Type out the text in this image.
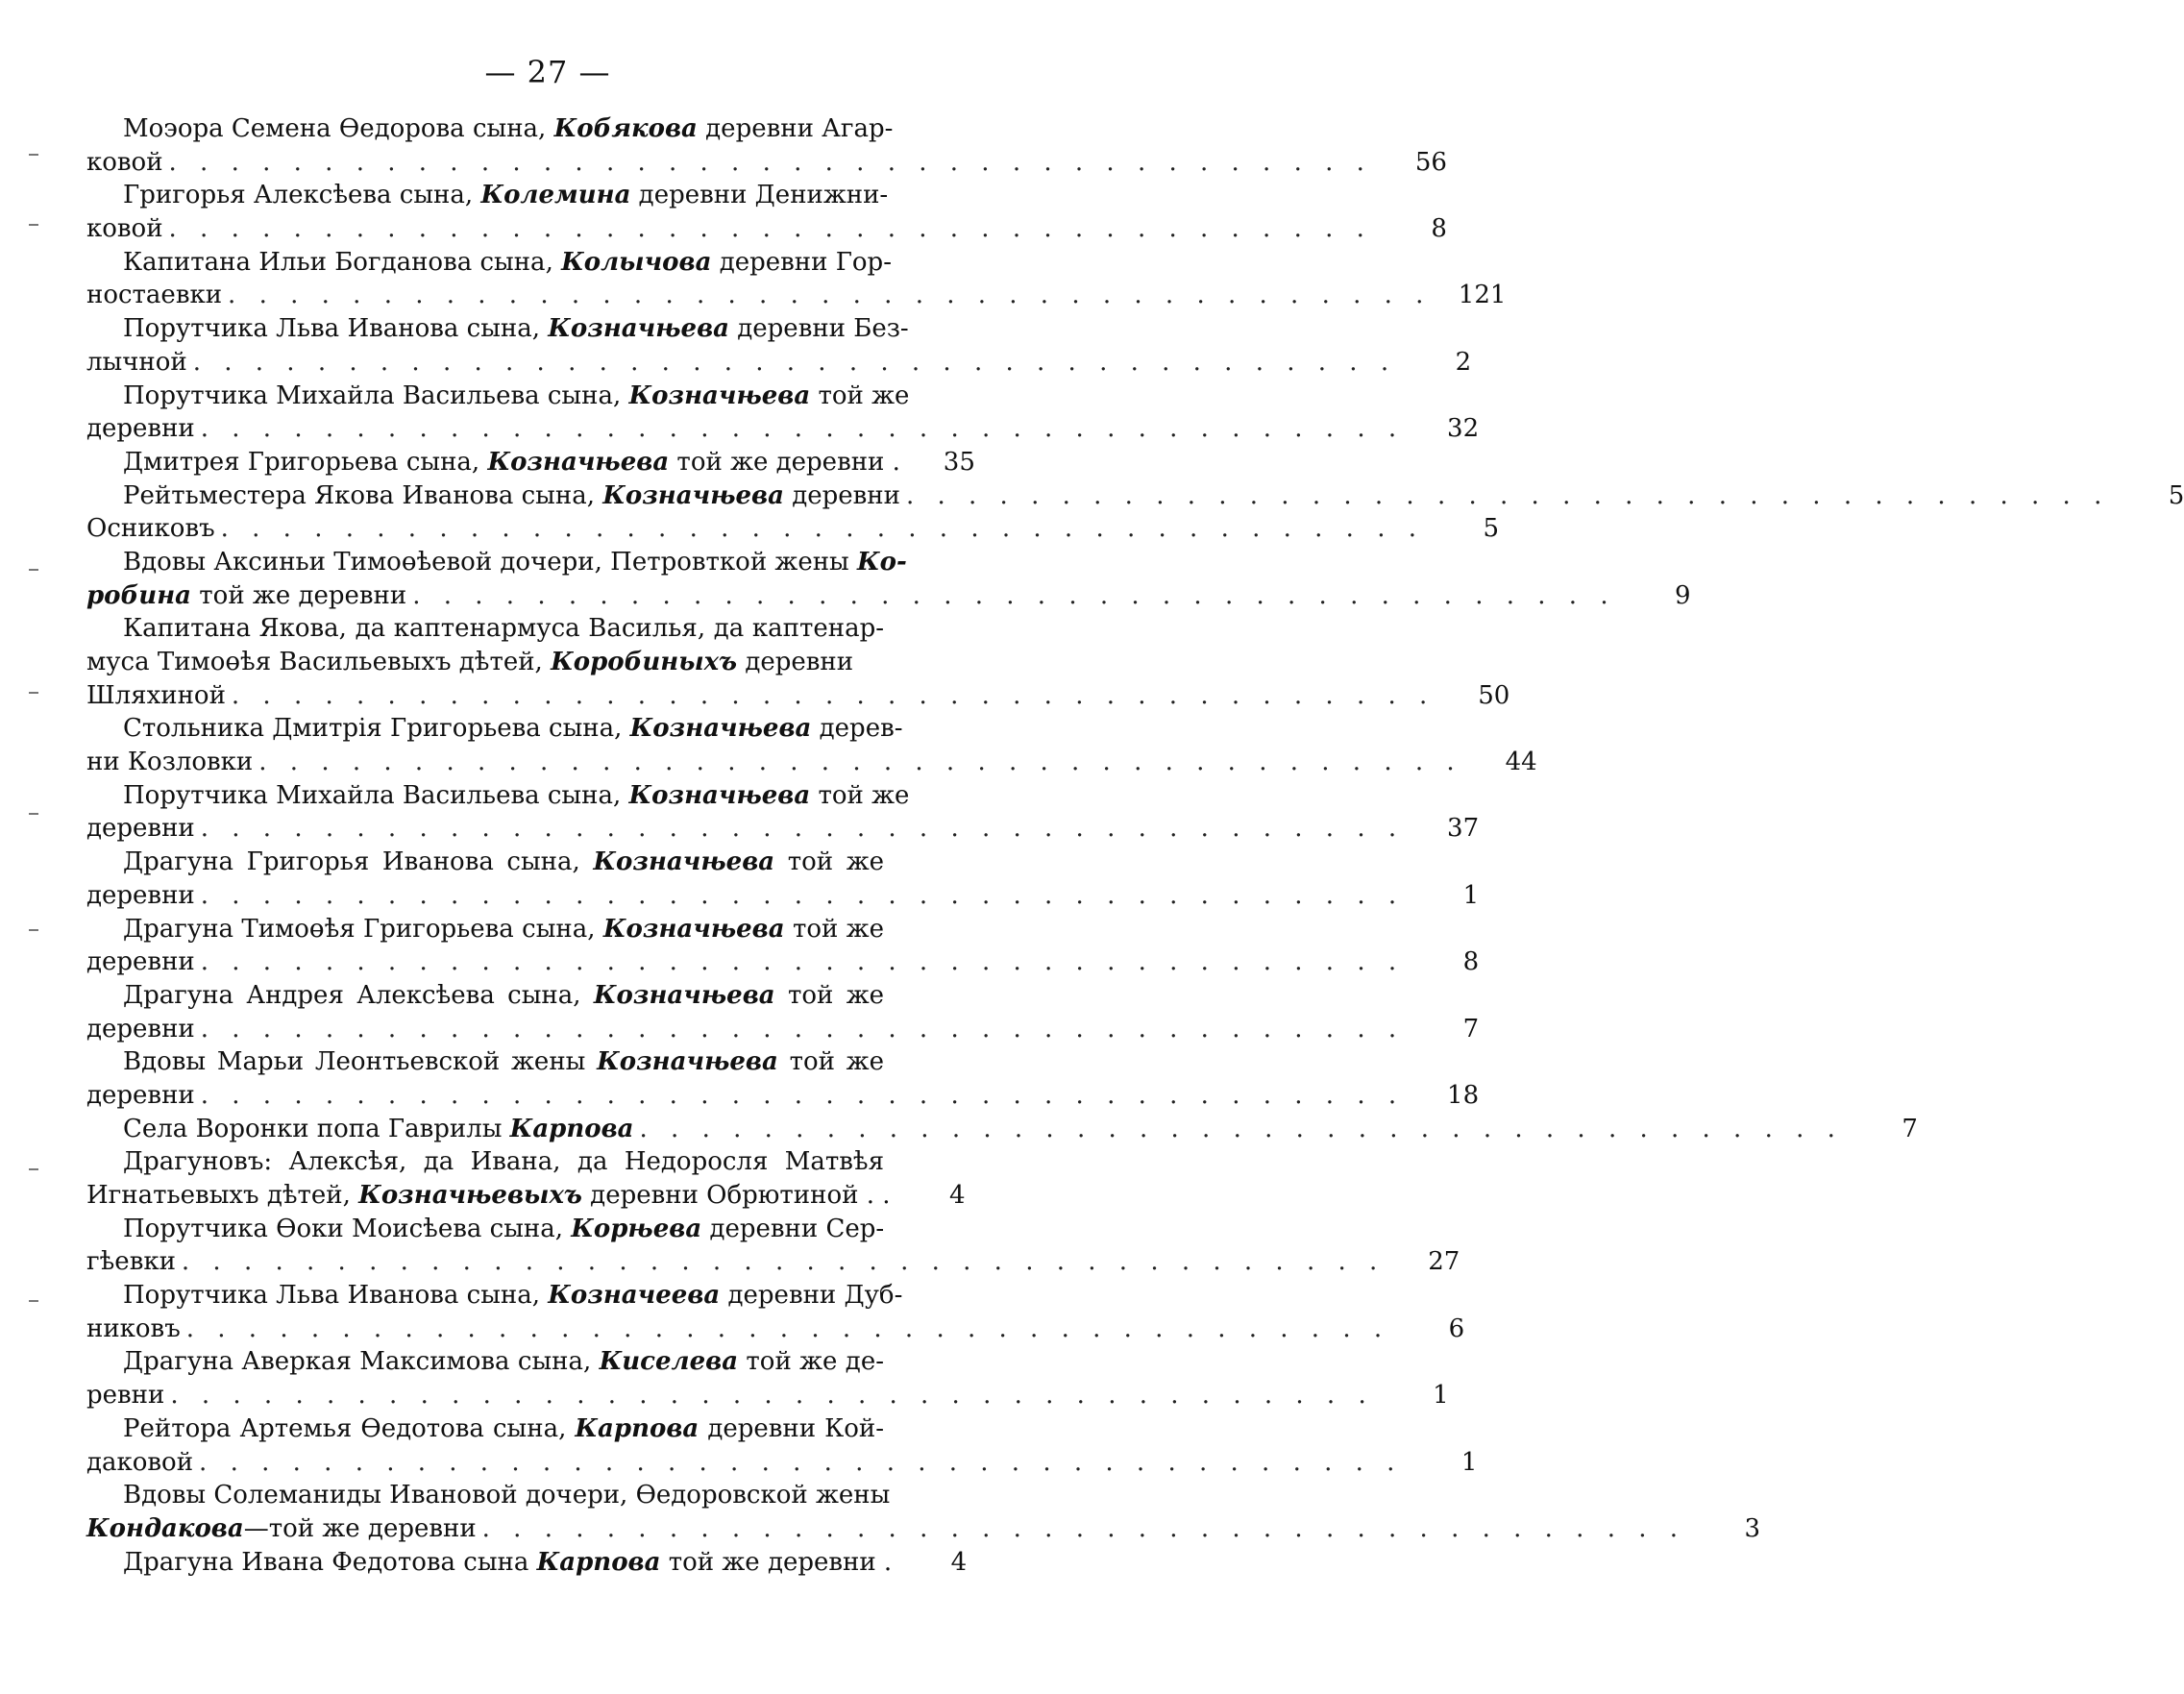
— 27 —
Моэора Семена Өедорова сына, Кобякова деревни Агар-
ковой . . .	56
Григорья Алексѣева сына, Колемина деревни Денижни-
ковой . . .	8
Капитана Ильи Богданова сына, Колычова деревни Гор-
ностаевки . . .	121
Порутчика Льва Иванова сына, Козначњева деревни Без-
лычной . . .	2
Порутчика Михайла Васильева сына, Козначњева той же
деревни . . .	32
Дмитрея Григорьева сына, Козначњева той же деревни .	35
Рейтьместера Якова Иванова сына, Козначњева деревни . . .	5
Осниковъ . . .	5
Вдовы Аксиньи Тимоөѣевой дочери, Петровткой жены Ко-
робина той же деревни . . .	9
Капитана Якова, да каптенармуса Василья, да каптенар-
муса Тимоөѣя Васильевыхъ дѣтей, Коробиныхъ деревни
Шляхиной . . .	50
Стольника Дмитрія Григорьева сына, Козначњева дерев-
ни Козловки . . .	44
Порутчика Михайла Васильева сына, Козначњева той же
деревни . . .	37
Драгуна Григорья Иванова сына, Козначњева той же
деревни . . .	1
Драгуна Тимоөѣя Григорьева сына, Козначњева той же
деревни . . .	8
Драгуна Андрея Алексѣева сына, Козначњева той же
деревни . . .	7
Вдовы Марьи Леонтьевской жены Козначњева той же
деревни . . .	18
Села Воронки попа Гаврилы Карпова . . .	7
Драгуновъ: Алексѣя, да Ивана, да Недоросля Матвѣя
Игнатьевыхъ дѣтей, Козначњевыхъ деревни Обрютиной . .	4
Порутчика Өоки Моисѣева сына, Корњева деревни Сер-
гѣевки . . .	27
Порутчика Льва Иванова сына, Козначеева деревни Дуб-
никовъ . . .	6
Драгуна Аверкая Максимова сына, Киселева той же де-
ревни . . .	1
Рейтора Артемья Өедотова сына, Карпова деревни Кой-
даковой . . .	1
Вдовы Солеманиды Ивановой дочери, Өедоровской жены
Кондакова—той же деревни . . .	3
Драгуна Ивана Федотова сына Карпова той же деревни .	4
